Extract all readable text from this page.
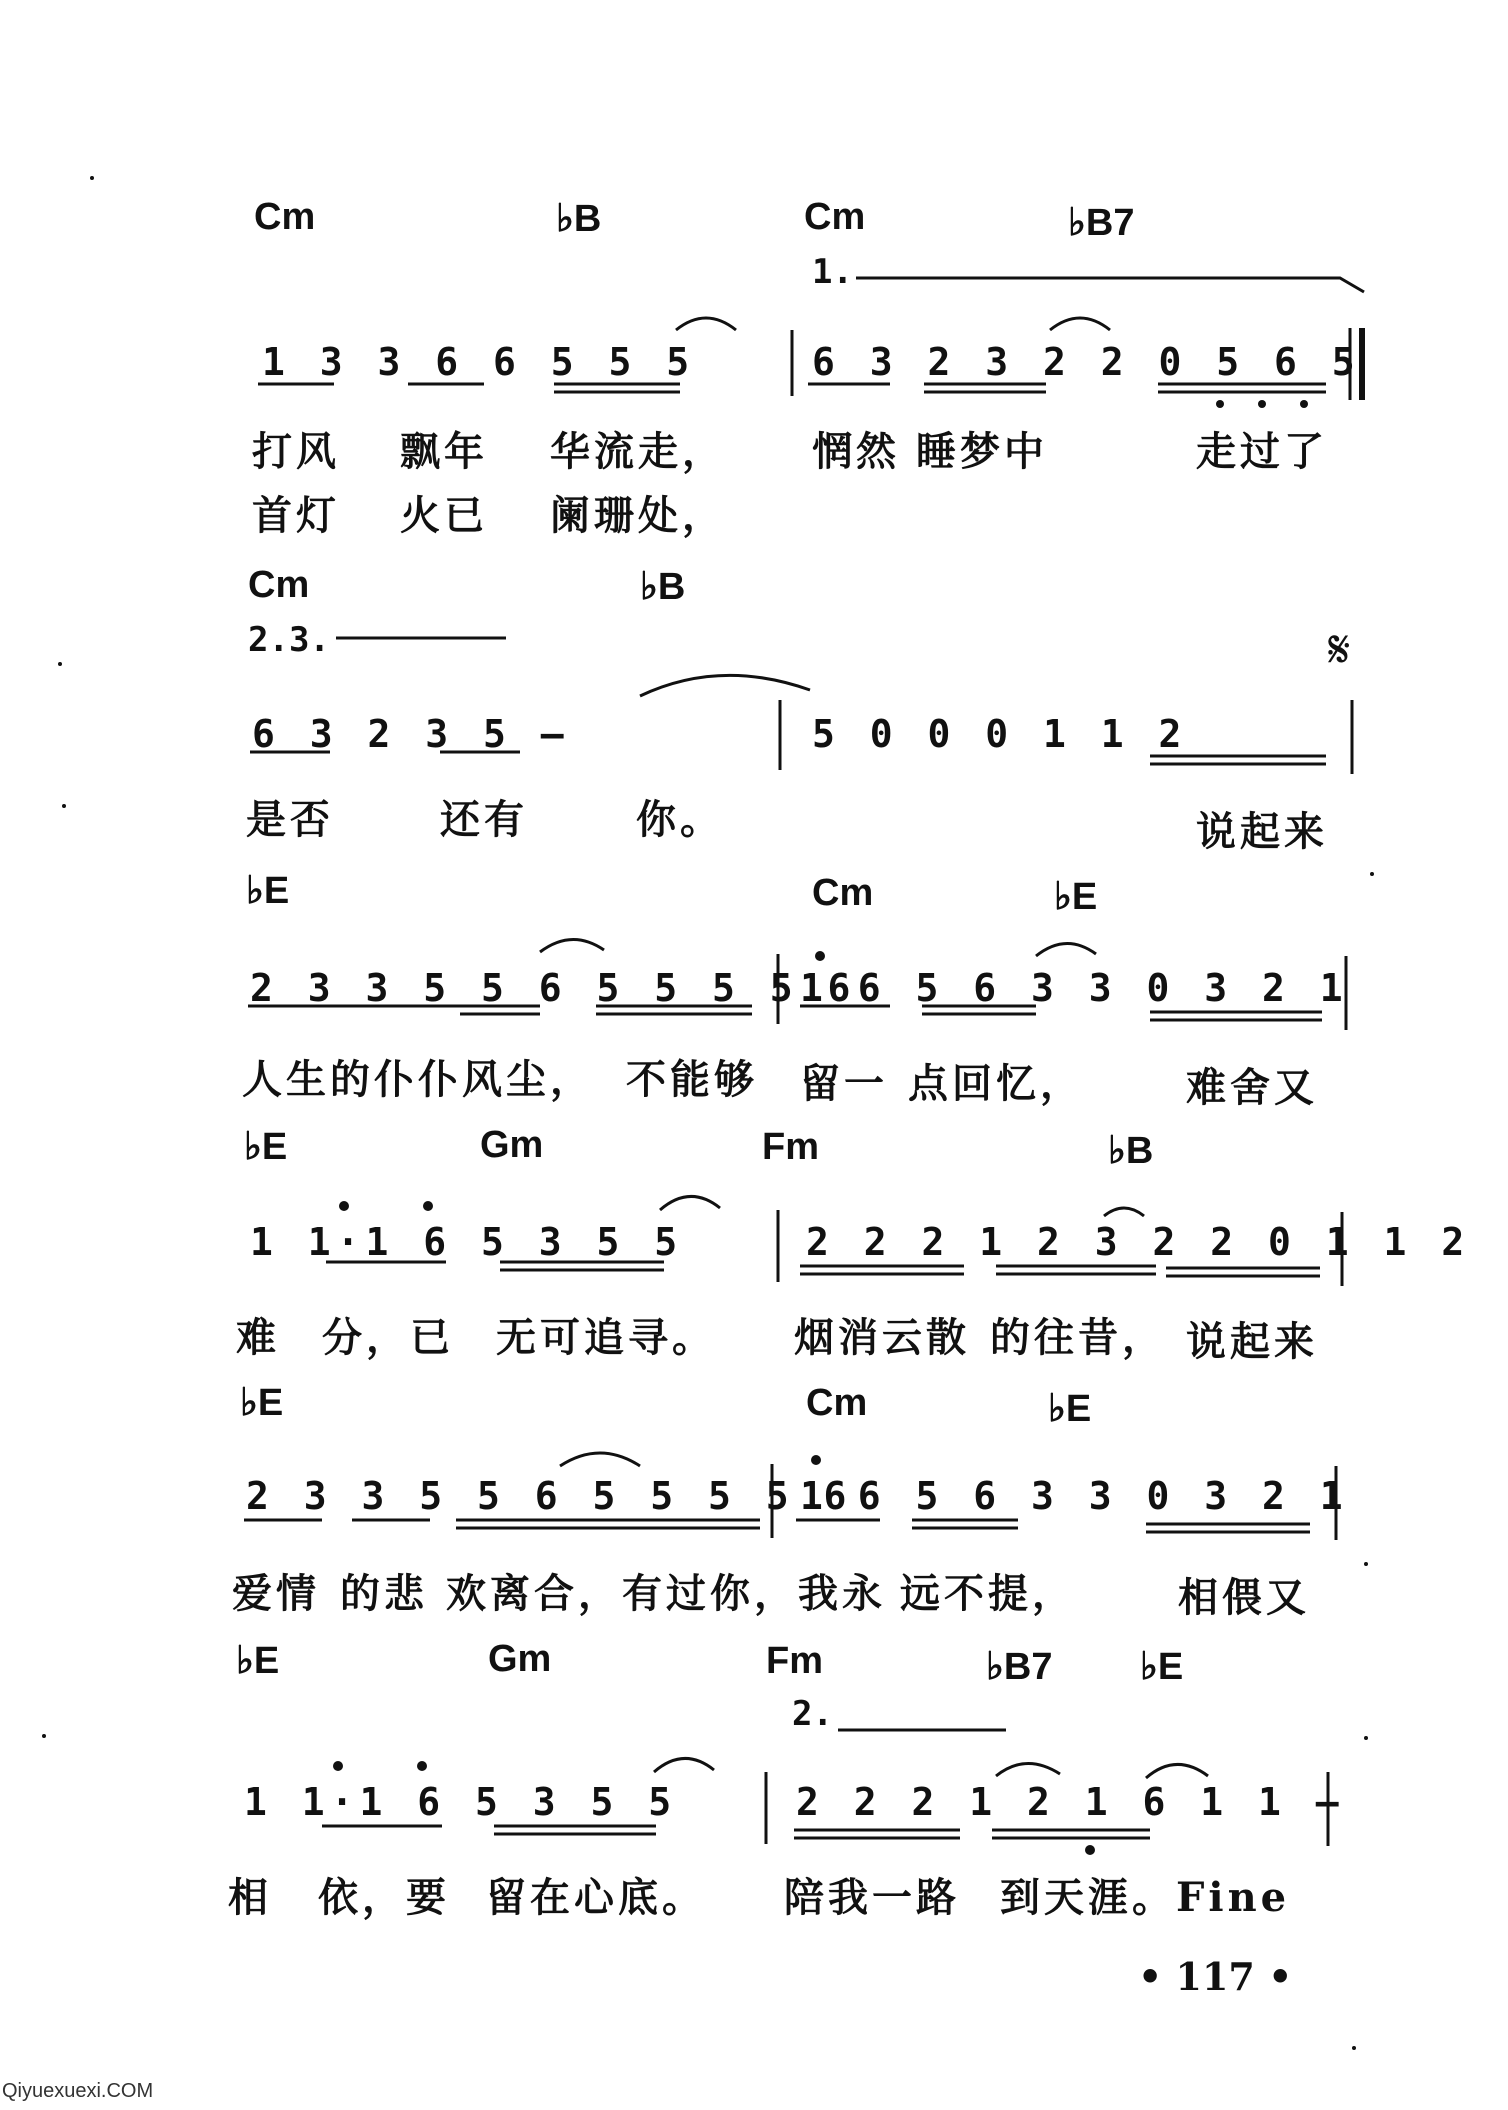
Cm	♭B	Cm	♭B7
1.
1 3 3 6 6 5 5 5	6 3 2 3 2 2 0 5 6 5
打风 飘年 华流走， 惘然 睡梦中	走过了
首灯 火已 阑珊处，
Cm	♭B
2.3.	𝄋
6 3 2 3 5 —	5 0 0 0 1 1 2
是否	还有	你。	说起来
♭E	Cm	♭E
2 3 3 5 5 6 5 5 5 5 6
1 6 5 6 3 3 0 3 2 1
人生的仆仆风尘， 不能够 留一 点回忆，	难舍又
♭E	Gm	Fm	♭B
1 1·1 6 5 3 5 5	2 2 2 1 2 3 2 2 0 1 1 2
难 分，已 无可追寻。 烟消云散 的往昔， 说起来
♭E	Cm	♭E
2 3 3 5 5 6 5 5 5 5 6
1 6 5 6 3 3 0 3 2 1
爱情 的悲 欢离合，有过你，我永 远不提，	相偎又
♭E	Gm	Fm	♭B7 ♭E
2.
1 1·1 6 5 3 5 5	2 2 2 1 2 1 6 1 1 —
相 依，要 留在心底。 陪我一路 到天涯。Fine
• 117 •
Qiyuexuexi.COM
